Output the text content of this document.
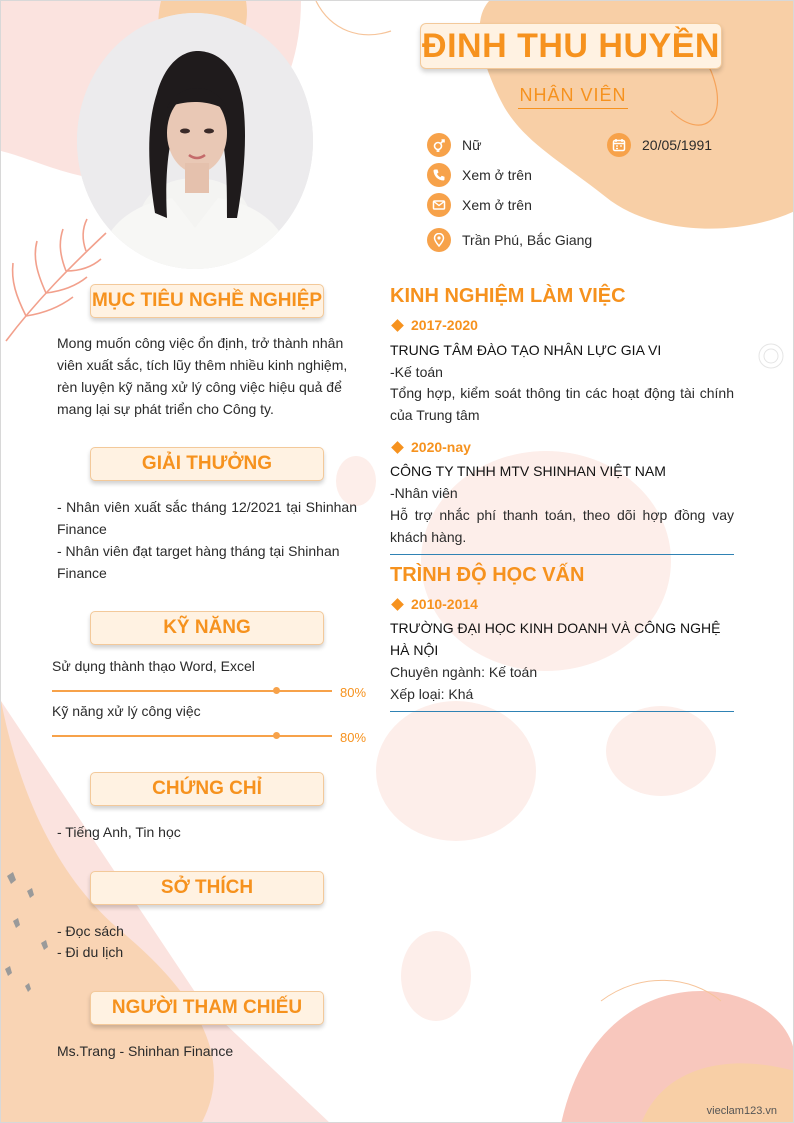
ĐINH THU HUYỀN
NHÂN VIÊN
Nữ	20/05/1991
Xem ở trên
Xem ở trên
Trần Phú, Bắc Giang
MỤC TIÊU NGHỀ NGHIỆP
Mong muốn công việc ổn định, trở thành nhân viên xuất sắc, tích lũy thêm nhiều kinh nghiệm, rèn luyện kỹ năng xử lý công việc hiệu quả để mang lại sự phát triển cho Công ty.
GIẢI THƯỞNG
- Nhân viên xuất sắc tháng 12/2021 tại Shinhan Finance
- Nhân viên đạt target hàng tháng tại Shinhan Finance
KỸ NĂNG
Sử dụng thành thạo Word, Excel
80%
Kỹ năng xử lý công việc
80%
CHỨNG CHỈ
- Tiếng Anh, Tin học
SỞ THÍCH
- Đọc sách
- Đi du lịch
NGƯỜI THAM CHIẾU
Ms.Trang - Shinhan Finance
KINH NGHIỆM LÀM VIỆC
2017-2020
TRUNG TÂM ĐÀO TẠO NHÂN LỰC GIA VI
-Kế toán
Tổng hợp, kiểm soát thông tin các hoạt động tài chính của Trung tâm
2020-nay
CÔNG TY TNHH MTV SHINHAN VIỆT NAM
-Nhân viên
Hỗ trợ nhắc phí thanh toán, theo dõi hợp đồng vay khách hàng.
TRÌNH ĐỘ HỌC VẤN
2010-2014
TRƯỜNG ĐẠI HỌC KINH DOANH VÀ CÔNG NGHỆ HÀ NỘI
Chuyên ngành: Kế toán
Xếp loại: Khá
vieclam123.vn
